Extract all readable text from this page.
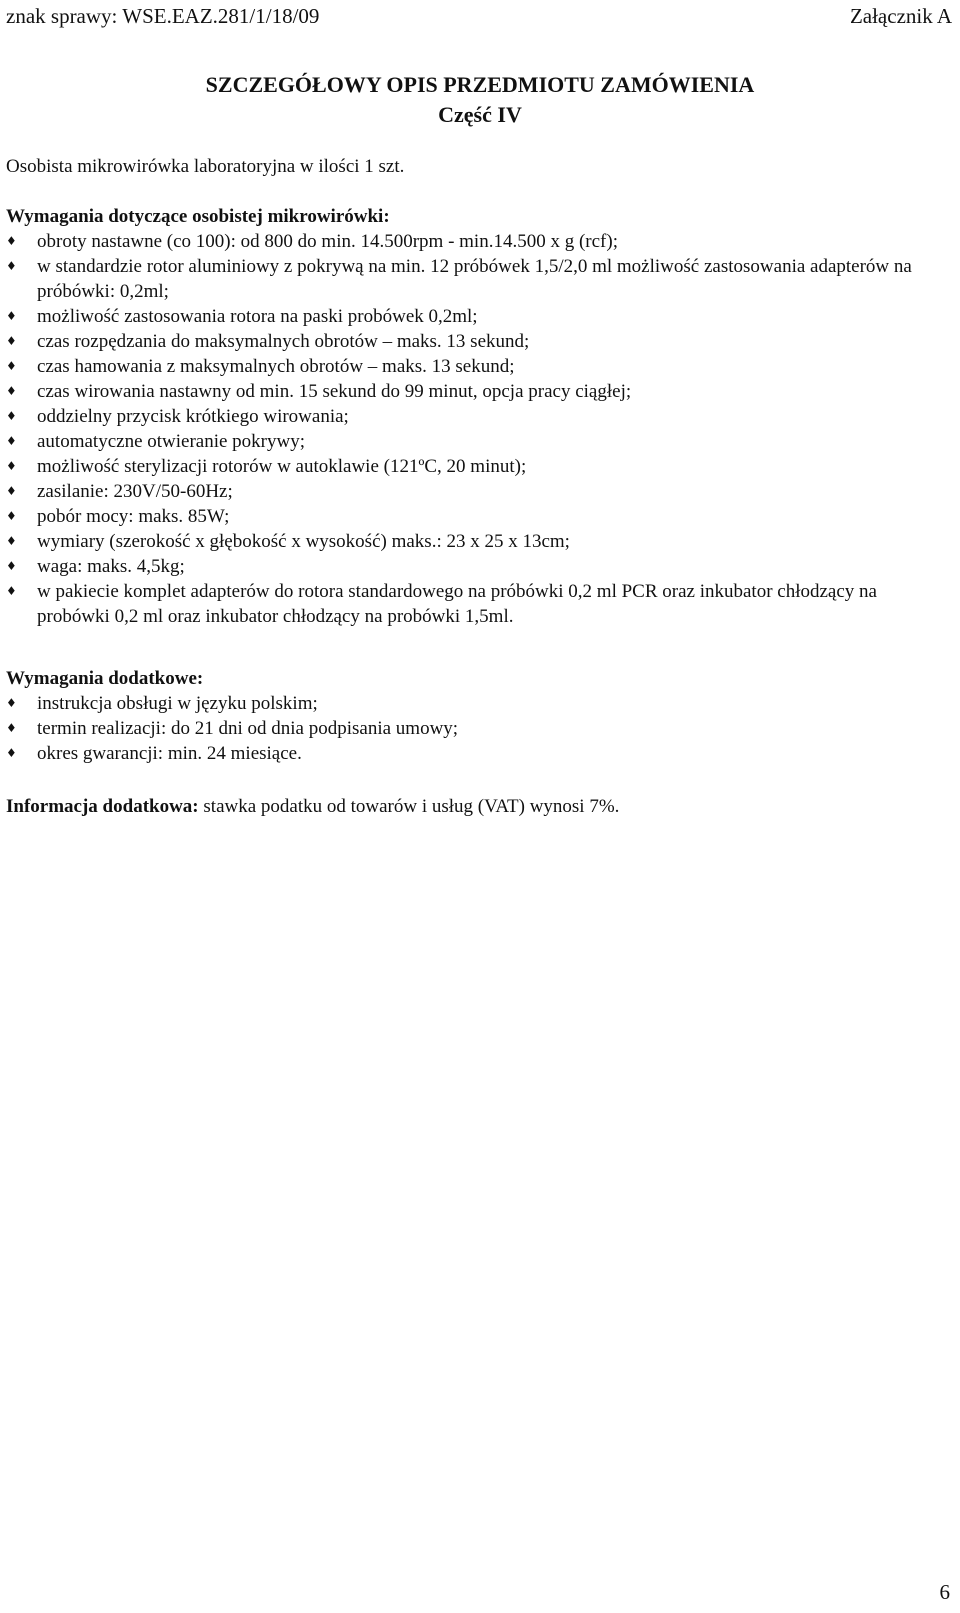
znak sprawy: WSE.EAZ.281/1/18/09	Załącznik A
SZCZEGÓŁOWY OPIS PRZEDMIOTU ZAMÓWIENIA
Część IV
Osobista mikrowirówka laboratoryjna w ilości 1 szt.
Wymagania dotyczące osobistej mikrowirówki:
♦	obroty nastawne (co 100): od 800 do min. 14.500rpm - min.14.500 x g (rcf);
♦	w standardzie rotor aluminiowy z pokrywą na min. 12 próbówek 1,5/2,0 ml możliwość zastosowania adapterów na próbówki: 0,2ml;
♦	możliwość zastosowania rotora na paski probówek 0,2ml;
♦	czas rozpędzania do maksymalnych obrotów – maks. 13 sekund;
♦	czas hamowania z maksymalnych obrotów – maks. 13 sekund;
♦	czas wirowania nastawny od min. 15 sekund do 99 minut, opcja pracy ciągłej;
♦	oddzielny przycisk krótkiego wirowania;
♦	automatyczne otwieranie pokrywy;
♦	możliwość sterylizacji rotorów w autoklawie (121ºC, 20 minut);
♦	zasilanie: 230V/50-60Hz;
♦	pobór mocy: maks. 85W;
♦	wymiary (szerokość x głębokość x wysokość) maks.: 23 x 25 x 13cm;
♦	waga: maks. 4,5kg;
♦	w pakiecie komplet adapterów do rotora standardowego na próbówki 0,2 ml PCR oraz inkubator chłodzący na probówki 0,2 ml oraz inkubator chłodzący na probówki 1,5ml.
Wymagania dodatkowe:
♦	instrukcja obsługi w języku polskim;
♦	termin realizacji: do 21 dni od dnia podpisania umowy;
♦	okres gwarancji: min. 24 miesiące.
Informacja dodatkowa: stawka podatku od towarów i usług (VAT) wynosi 7%.
6
